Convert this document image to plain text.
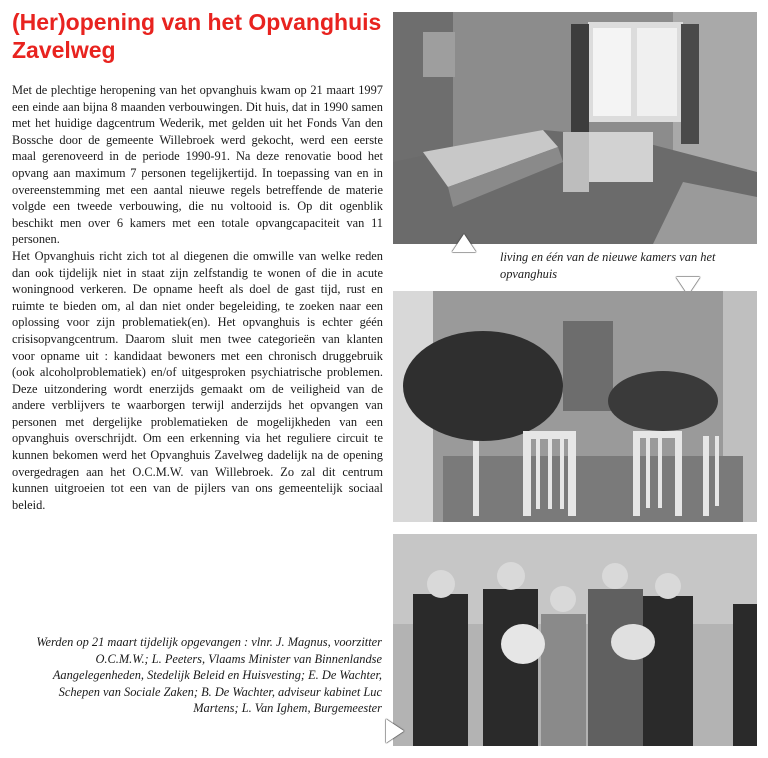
(Her)opening van het Opvanghuis Zavelweg

Met de plechtige heropening van het opvanghuis kwam op 21 maart 1997 een einde aan bijna 8 maanden verbouwingen. Dit huis, dat in 1990 samen met het huidige dagcentrum Wederik, met gelden uit het Fonds Van den Bossche door de gemeente Willebroek werd gekocht, werd een eerste maal gerenoveerd in de periode 1990-91. Na deze renovatie bood het opvang aan maximum 7 personen tegelijkertijd. In toepassing van en in overeenstemming met een aantal nieuwe regels betreffende de materie volgde een tweede verbouwing, die nu voltooid is. Op dit ogenblik beschikt men over 6 kamers met een totale opvangcapaciteit van 11 personen.

Het Opvanghuis richt zich tot al diegenen die omwille van welke reden dan ook tijdelijk niet in staat zijn zelfstandig te wonen of die in acute woningnood verkeren. De opname heeft als doel de gast tijd, rust en ruimte te bieden om, al dan niet onder begeleiding, te zoeken naar een oplossing voor zijn problematiek(en). Het opvanghuis is echter géén crisisopvangcentrum. Daarom sluit men twee categorieën van klanten voor opname uit : kandidaat bewoners met een chronisch druggebruik (ook alcoholproblematiek) en/of uitgesproken psychiatrische problemen. Deze uitzondering wordt enerzijds gemaakt om de veiligheid van de andere verblijvers te waarborgen terwijl anderzijds het opvangen van personen met dergelijke problematieken de mogelijkheden van een opvanghuis overschrijdt. Om een erkenning via het reguliere circuit te kunnen bekomen werd het Opvanghuis Zavelweg dadelijk na de opening overgedragen aan het O.C.M.W. van Willebroek. Zo zal dit centrum kunnen uitgroeien tot een van de pijlers van ons gemeentelijk sociaal beleid.

Werden op 21 maart tijdelijk opgevangen : vlnr. J. Magnus, voorzitter O.C.M.W.; L. Peeters, Vlaams Minister van Binnenlandse Aangelegenheden, Stedelijk Beleid en Huisvesting; E. De Wachter, Schepen van Sociale Zaken; B. De Wachter, adviseur kabinet Luc Martens; L. Van Ighem, Burgemeester

living en één van de nieuwe kamers van het opvanghuis
